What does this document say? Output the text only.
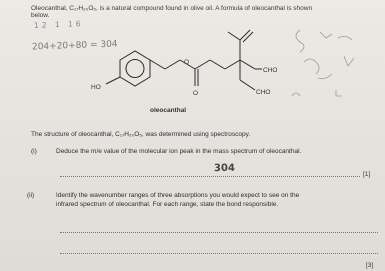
Oleocanthal, C₁₇H₂₀O₅, is a natural compound found in olive oil. A formula of oleocanthal is shown
below.
12 1 16
204+20+80 = 304
HO
O
O
CHO
CHO
oleocanthal
The structure of oleocanthal, C₁₇H₂₀O₅, was determined using spectroscopy.
(i)	Deduce the m/e value of the molecular ion peak in the mass spectrum of oleocanthal.
304
[1]
(ii)	Identify the wavenumber ranges of three absorptions you would expect to see on the
infrared spectrum of oleocanthal. For each range, state the bond responsible.
[3]
